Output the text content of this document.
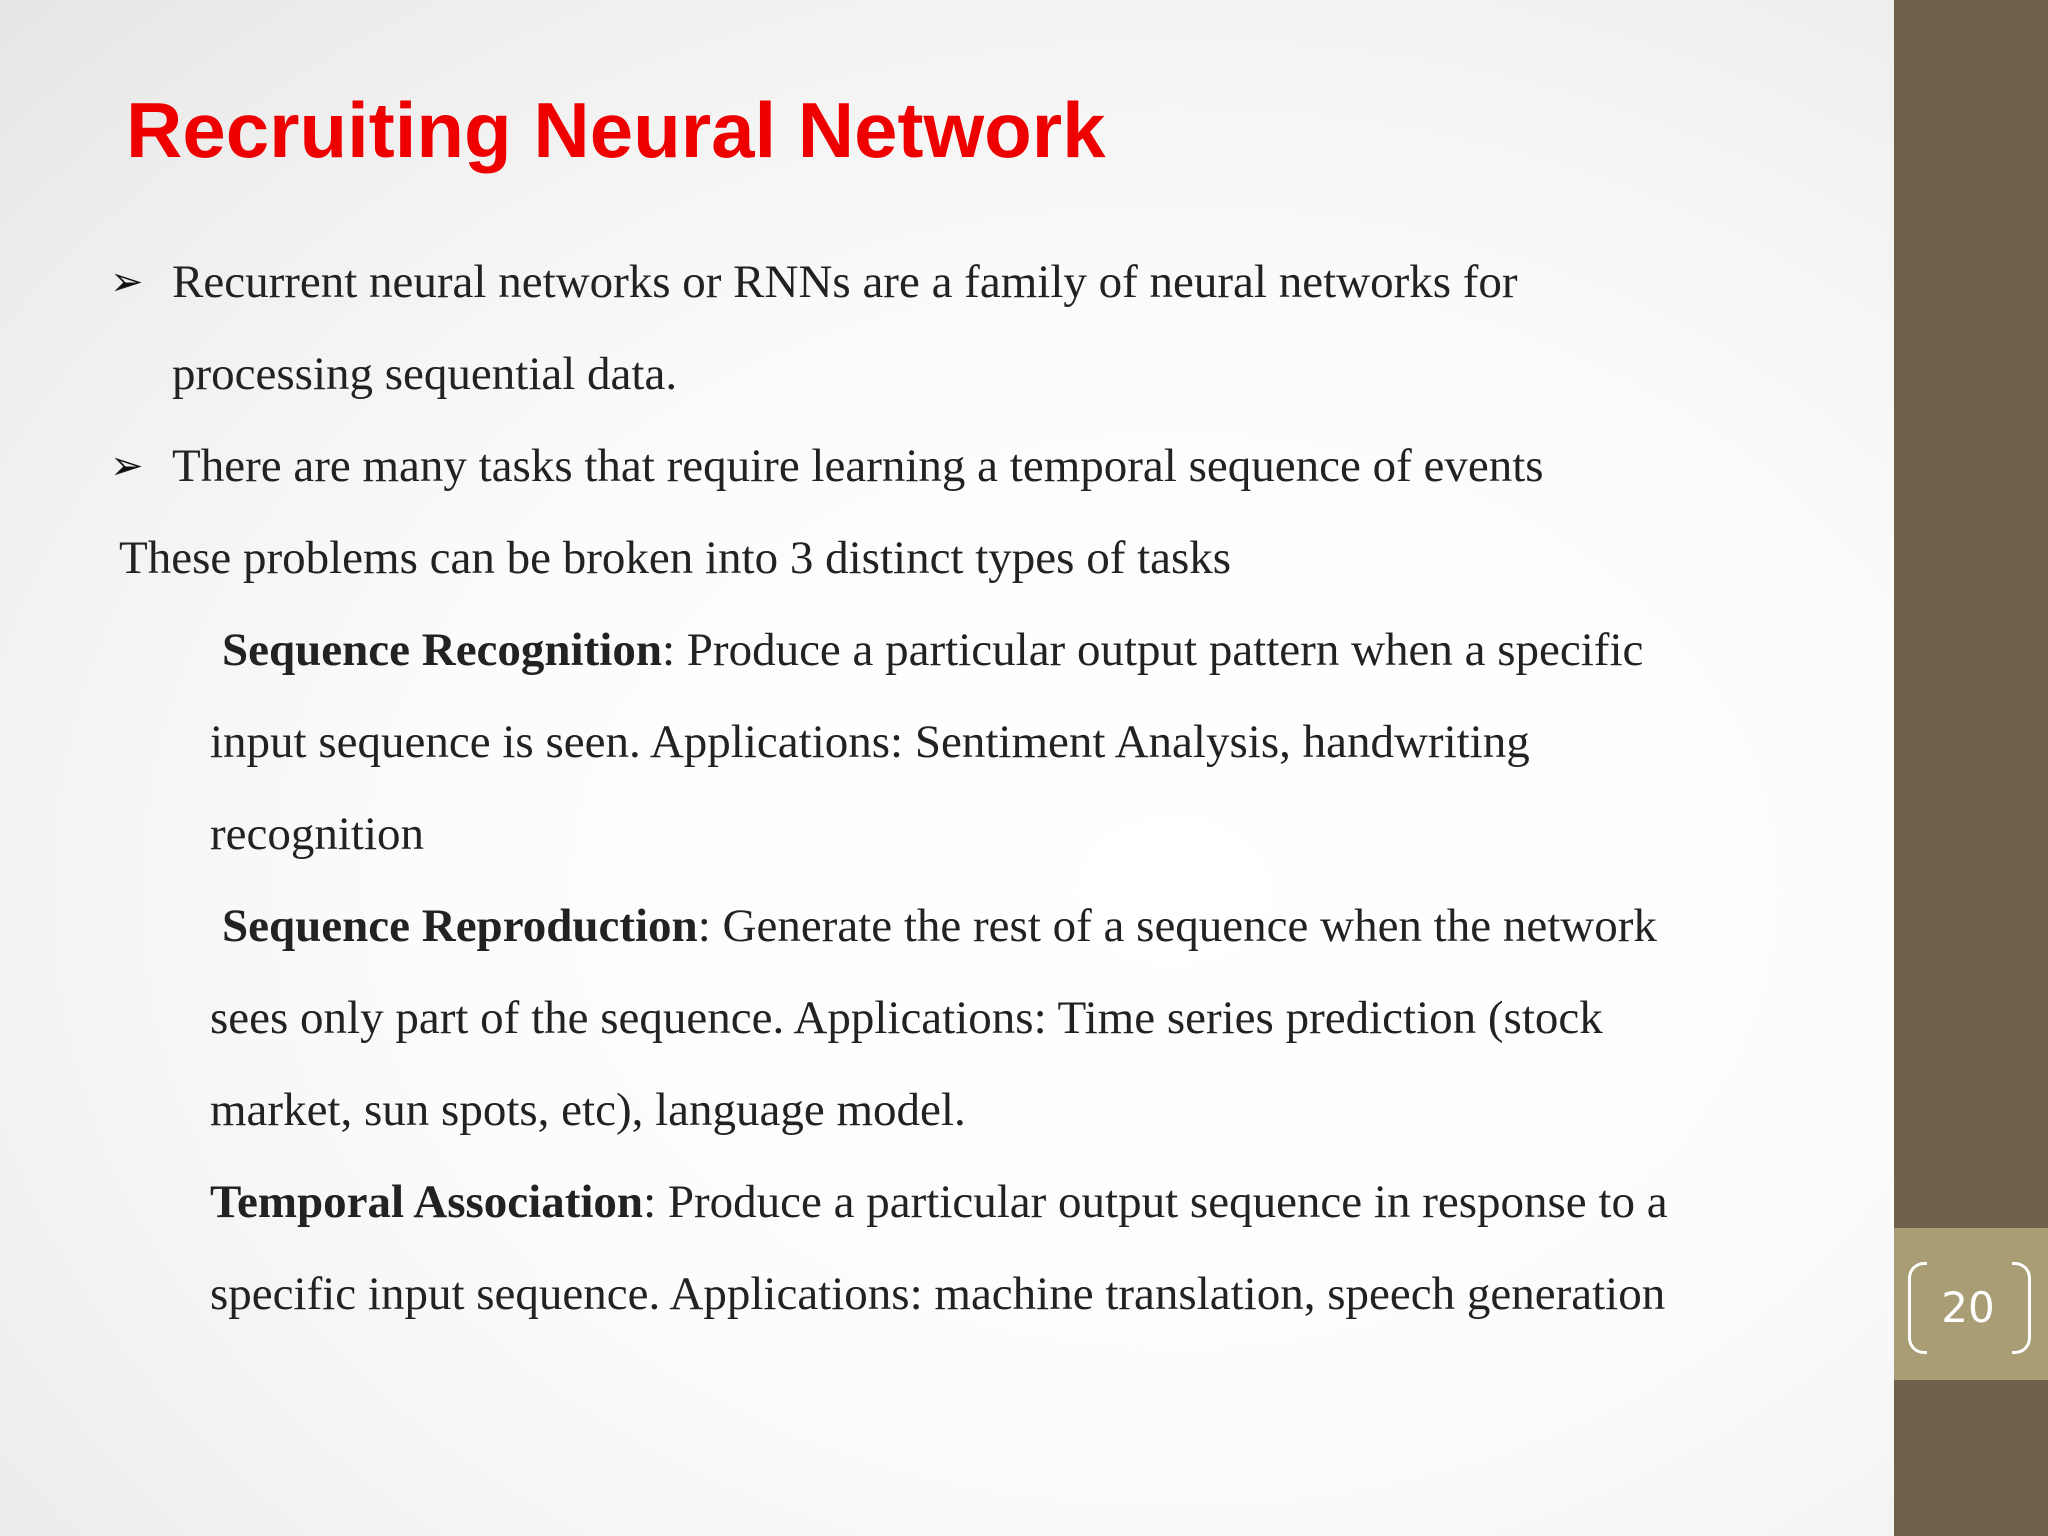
Recruiting Neural Network
➢ Recurrent neural networks or RNNs are a family of neural networks for
processing sequential data.
➢ There are many tasks that require learning a temporal sequence of events
These problems can be broken into 3 distinct types of tasks
Sequence Recognition: Produce a particular output pattern when a specific
input sequence is seen. Applications: Sentiment Analysis, handwriting
recognition
Sequence Reproduction: Generate the rest of a sequence when the network
sees only part of the sequence. Applications: Time series prediction (stock
market, sun spots, etc), language model.
Temporal Association: Produce a particular output sequence in response to a
specific input sequence. Applications: machine translation, speech generation	20
